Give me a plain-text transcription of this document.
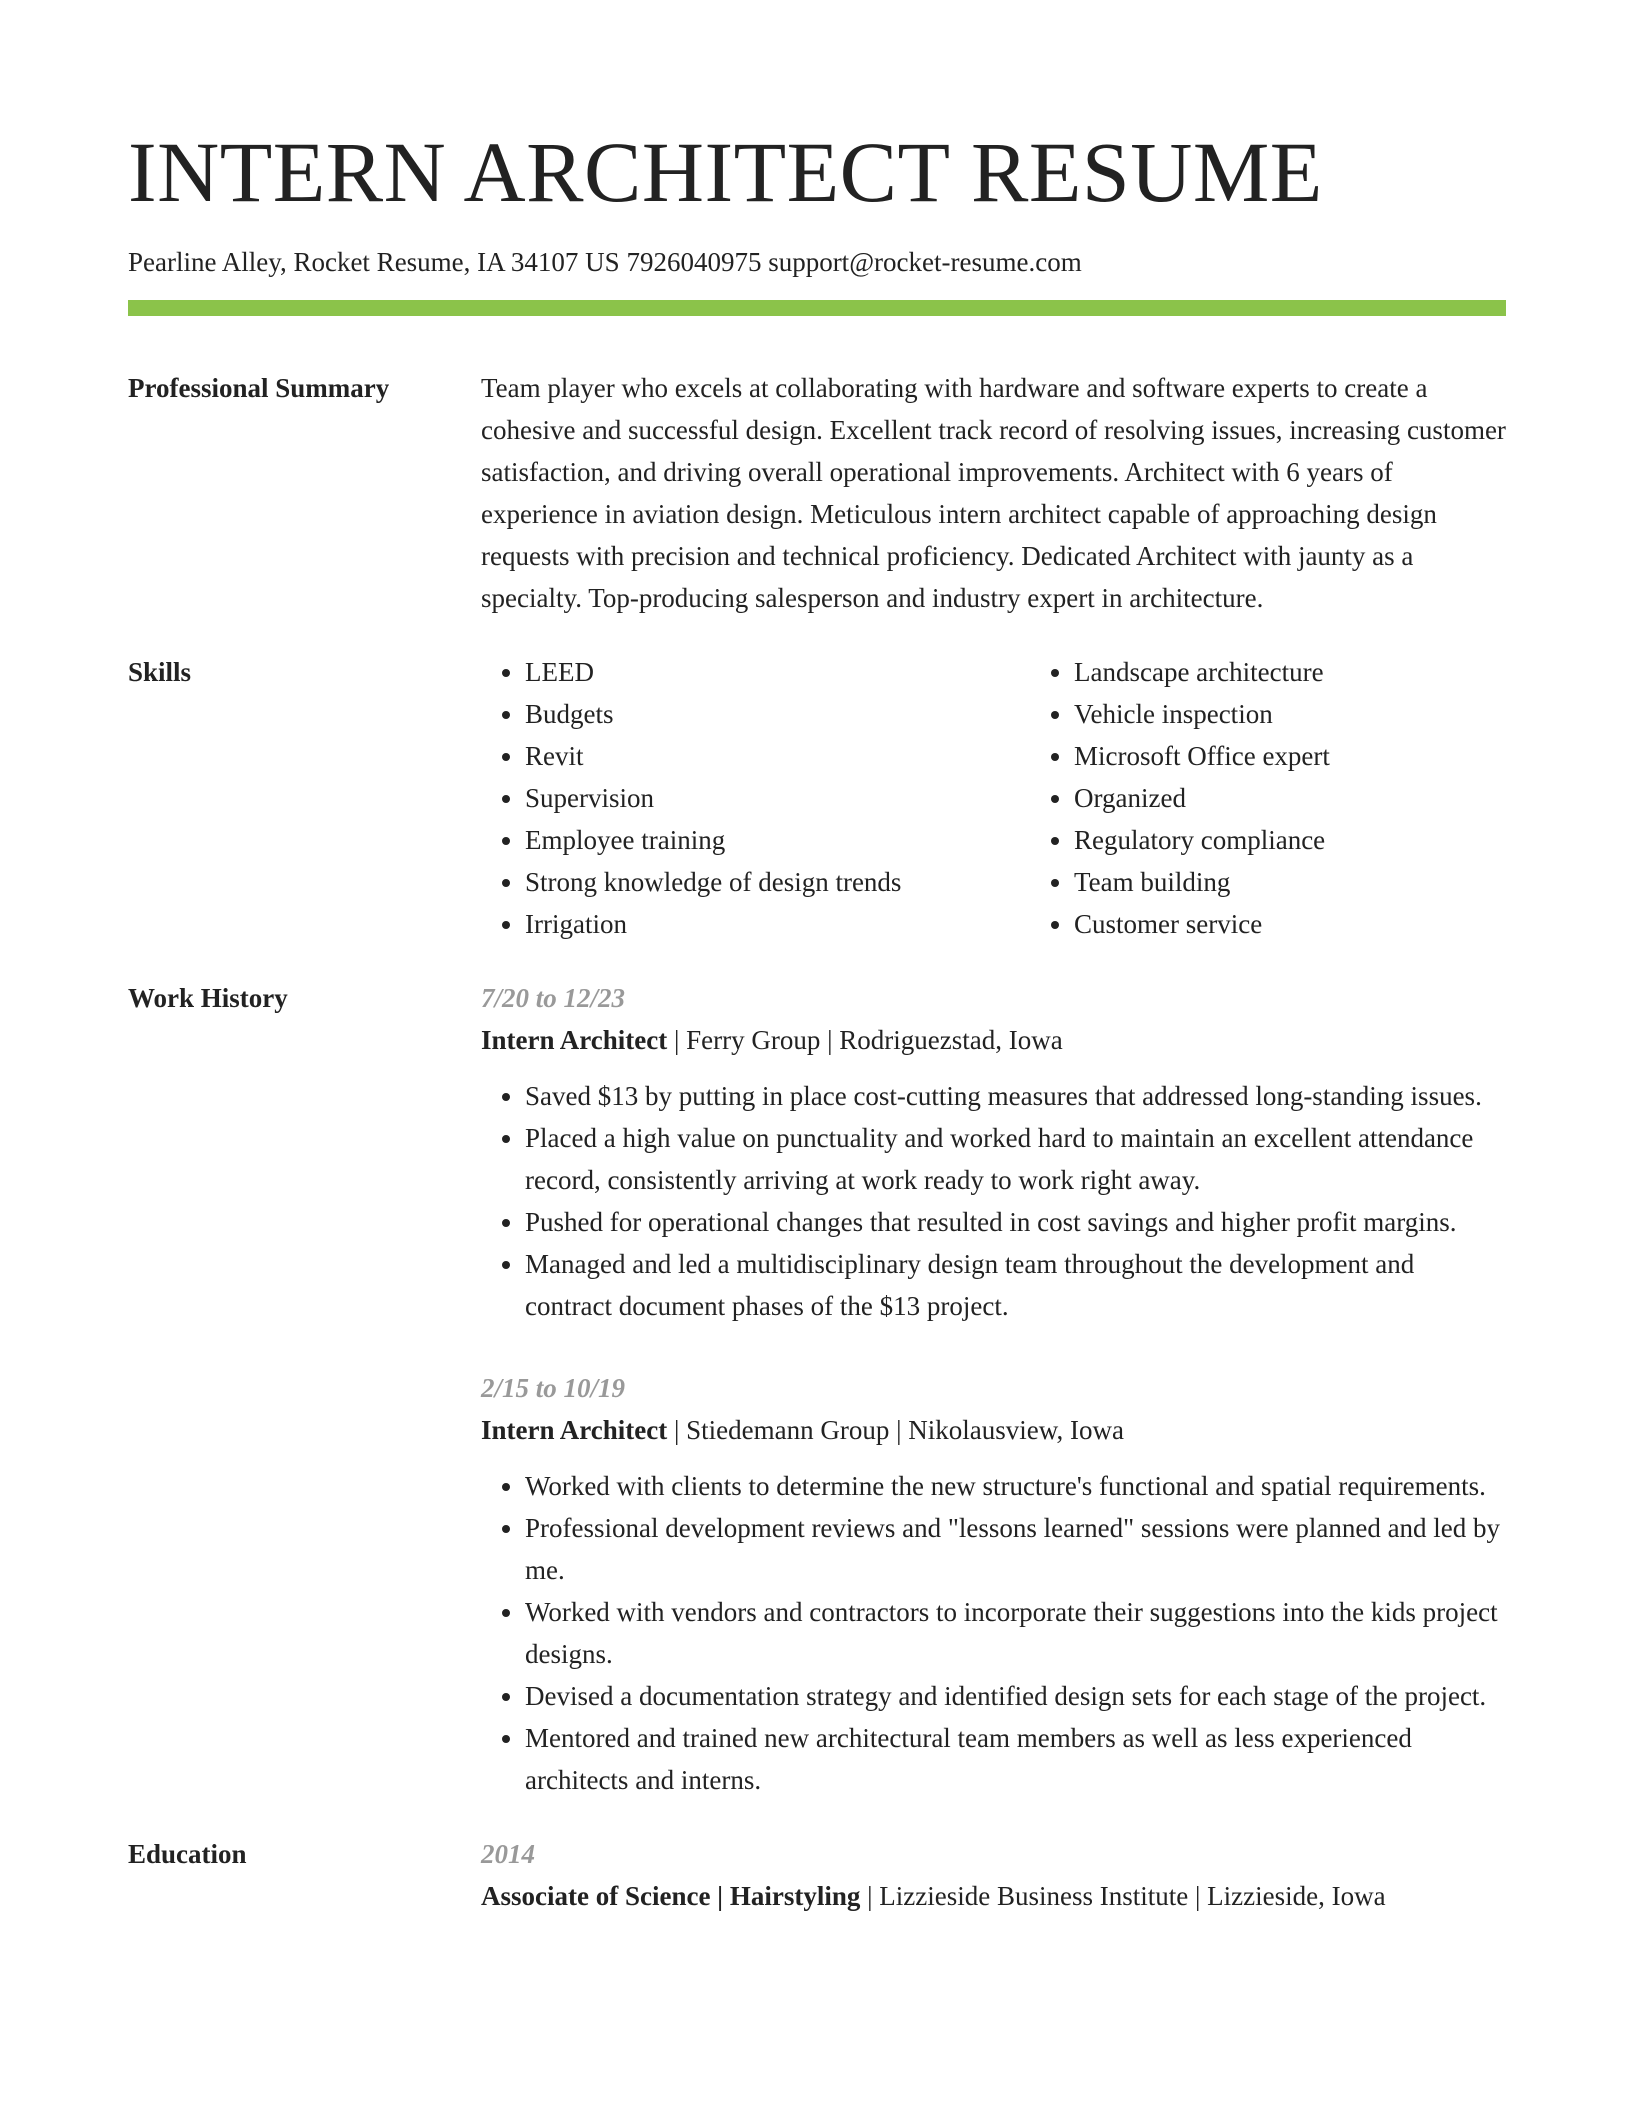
INTERN ARCHITECT RESUME
Pearline Alley, Rocket Resume, IA 34107 US 7926040975 support@rocket-resume.com
Professional Summary	Team player who excels at collaborating with hardware and software experts to create a cohesive and successful design. Excellent track record of resolving issues, increasing customer satisfaction, and driving overall operational improvements. Architect with 6 years of experience in aviation design. Meticulous intern architect capable of approaching design requests with precision and technical proficiency. Dedicated Architect with jaunty as a specialty. Top-producing salesperson and industry expert in architecture.

Skills
•	LEED
• Budgets
• Revit
• Supervision
• Employee training
• Strong knowledge of design trends
• Irrigation
• Landscape architecture
• Vehicle inspection
• Microsoft Office expert
• Organized
• Regulatory compliance
• Team building
• Customer service
Work History	7/20 to 12/23
Intern Architect | Ferry Group | Rodriguezstad, Iowa
• Saved $13 by putting in place cost-cutting measures that addressed long-standing issues.
• Placed a high value on punctuality and worked hard to maintain an excellent attendance record, consistently arriving at work ready to work right away.
• Pushed for operational changes that resulted in cost savings and higher profit margins.
• Managed and led a multidisciplinary design team throughout the development and contract document phases of the $13 project.
2/15 to 10/19
Intern Architect | Stiedemann Group | Nikolausview, Iowa
• Worked with clients to determine the new structure's functional and spatial requirements.
• Professional development reviews and "lessons learned" sessions were planned and led by me.
• Worked with vendors and contractors to incorporate their suggestions into the kids project designs.
• Devised a documentation strategy and identified design sets for each stage of the project.
• Mentored and trained new architectural team members as well as less experienced architects and interns.
Education	2014
Associate of Science | Hairstyling | Lizzieside Business Institute | Lizzieside, Iowa
